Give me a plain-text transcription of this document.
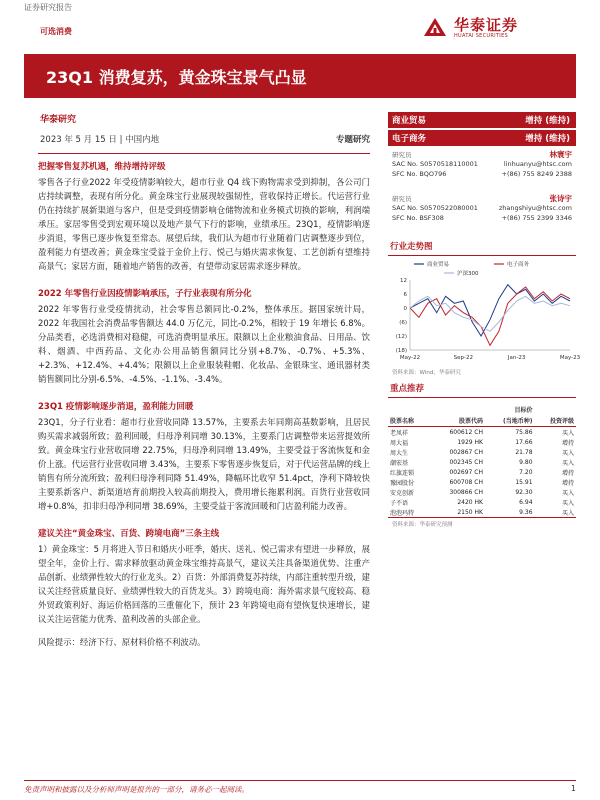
证券研究报告
可选消费	华泰证券
HUATAI SECURITIES
23Q1 消费复苏，黄金珠宝景气凸显
华泰研究
2023 年 5 月 15 日 | 中国内地	专题研究
把握零售复苏机遇，维持增持评级
零售各子行业2022 年受疫情影响较大，超市行业 Q4 线下购物需求受到抑制，各公司门店持续调整，表现有所分化。黄金珠宝行业展现较强韧性，营收保持正增长。代运营行业仍在持续扩展新渠道与客户，但是受到疫情影响仓储物流和业务模式切换的影响，利润端承压。家居零售受到宏观环境以及地产景气下行的影响，业绩承压。23Q1，疫情影响逐步消退，零售已逐步恢复至常态。展望后续，我们认为超市行业随着门店调整逐步到位，盈利能力有望改善；黄金珠宝受益于金价上行、悦己与婚庆需求恢复、工艺创新有望维持高景气；家居方面，随着地产销售的改善，有望带动家居需求逐步释放。
2022 年零售行业因疫情影响承压，子行业表现有所分化
2022 年零售行业受疫情扰动，社会零售总额同比-0.2%，整体承压。据国家统计局，2022 年我国社会消费品零售额达 44.0 万亿元，同比-0.2%，相较于 19 年增长 6.8%。分品类看，必选消费相对稳健，可选消费明显承压。限额以上企业粮油食品、日用品、饮料、烟酒、中西药品、文化办公用品销售额同比分别+8.7%、-0.7%、+5.3%、+2.3%、+12.4%、+4.4%；限额以上企业服装鞋帽、化妆品、金银珠宝、通讯器材类销售额同比分别-6.5%、-4.5%、-1.1%、-3.4%。
23Q1 疫情影响逐步消退，盈利能力回暖
23Q1，分子行业看：超市行业营收同降 13.57%，主要系去年同期高基数影响，且居民购买需求减弱所致；盈利回暖，归母净利同增 30.13%，主要系门店调整带来运营提效所致。黄金珠宝行业营收同增 22.75%，归母净利同增 13.49%，主要受益于客流恢复和金价上涨。代运营行业营收同增 3.43%，主要系下零售逐步恢复后，对于代运营品牌的线上销售有所分流所致；盈利归母净利同降 51.49%，降幅环比收窄 51.4pct，净利下降较快主要系新客户、新渠道培育前期投入较高前期投入，费用增长拖累利润。百货行业营收同增+0.8%，扣非归母净利同增 38.69%，主要受益于客流回暖和门店盈利能力改善。
建议关注“黄金珠宝、百货、跨境电商”三条主线
1）黄金珠宝：5 月将进入节日和婚庆小旺季，婚庆、送礼、悦己需求有望进一步释放，展望全年，金价上行、需求释放驱动黄金珠宝维持高景气，建议关注具备渠道优势、注重产品创新、业绩弹性较大的行业龙头。2）百货：外部消费复苏持续，内部注重转型升级，建议关注经营质量良好、业绩弹性较大的百货龙头。3）跨境电商：海外需求景气度较高、稳外贸政策利好、海运价格回落的三重催化下，预计 23 年跨境电商有望恢复快速增长，建议关注运营能力优秀、盈利改善的头部企业。
风险提示：经济下行、原材料价格不利波动。
商业贸易	增持 (维持)
电子商务	增持 (维持)
研究员	林寰宇
SAC No. S0570518110001	linhuanyu@htsc.com
SFC No. BQO796	+(86) 755 8249 2388
研究员	张诗宇
SAC No. S0570522080001	zhangshiyu@htsc.com
SFC No. BSF308	+(86) 755 2399 3346
行业走势图
12
6
0
(6)
(12)
(18)
May-22	Sep-22	Jan-23	May-23
商业贸易	电子商务
沪深300
资料来源：Wind，华泰研究
重点推荐
		目标价	
股票名称	股票代码	(当地币种)	投资评级
老凤祥	600612 CH	75.86	买入
周大福	1929 HK	17.66	增持
周大生	002867 CH	21.78	买入
潮宏基	002345 CH	9.80	买入
红旗连锁	002697 CH	7.20	增持
豫园股份	600708 CH	15.91	增持
安克创新	300866 CH	92.30	买入
子不语	2420 HK	6.94	买入
泡泡玛特	2150 HK	9.36	买入
资料来源：华泰研究预测
免责声明和披露以及分析师声明是报告的一部分，请务必一起阅读。	1
